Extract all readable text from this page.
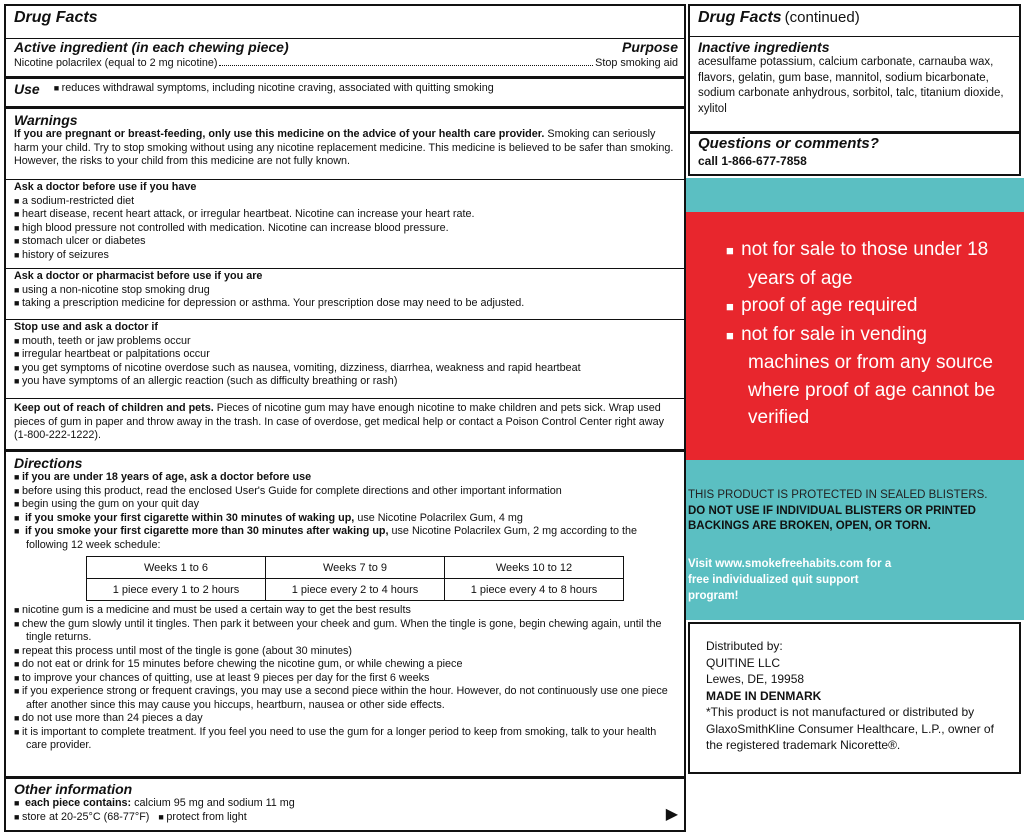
Drug Facts
Active ingredient (in each chewing piece)	Purpose
Nicotine polacrilex (equal to 2 mg nicotine)	Stop smoking aid
Use	■ reduces withdrawal symptoms, including nicotine craving, associated with quitting smoking
Warnings

If you are pregnant or breast-feeding, only use this medicine on the advice of your health care provider. Smoking can seriously harm your child. Try to stop smoking without using any nicotine replacement medicine. This medicine is believed to be safer than smoking. However, the risks to your child from this medicine are not fully known.

Ask a doctor before use if you have

■ a sodium-restricted diet

■ heart disease, recent heart attack, or irregular heartbeat. Nicotine can increase your heart rate.

■ high blood pressure not controlled with medication. Nicotine can increase blood pressure.

■ stomach ulcer or diabetes

■ history of seizures

Ask a doctor or pharmacist before use if you are

■ using a non-nicotine stop smoking drug

■ taking a prescription medicine for depression or asthma. Your prescription dose may need to be adjusted.

Stop use and ask a doctor if

■ mouth, teeth or jaw problems occur

■ irregular heartbeat or palpitations occur

■ you get symptoms of nicotine overdose such as nausea, vomiting, dizziness, diarrhea, weakness and rapid heartbeat

■ you have symptoms of an allergic reaction (such as difficulty breathing or rash)

Keep out of reach of children and pets. Pieces of nicotine gum may have enough nicotine to make children and pets sick. Wrap used pieces of gum in paper and throw away in the trash. In case of overdose, get medical help or contact a Poison Control Center right away (1-800-222-1222).

Directions

■ if you are under 18 years of age, ask a doctor before use

■ before using this product, read the enclosed User's Guide for complete directions and other important information

■ begin using the gum on your quit day

■ if you smoke your first cigarette within 30 minutes of waking up, use Nicotine Polacrilex Gum, 4 mg

■ if you smoke your first cigarette more than 30 minutes after waking up, use Nicotine Polacrilex Gum, 2 mg according to the following 12 week schedule:

Weeks 1 to 6	Weeks 7 to 9	Weeks 10 to 12
1 piece every 1 to 2 hours	1 piece every 2 to 4 hours	1 piece every 4 to 8 hours

■ nicotine gum is a medicine and must be used a certain way to get the best results

■ chew the gum slowly until it tingles. Then park it between your cheek and gum. When the tingle is gone, begin chewing again, until the tingle returns.

■ repeat this process until most of the tingle is gone (about 30 minutes)

■ do not eat or drink for 15 minutes before chewing the nicotine gum, or while chewing a piece

■ to improve your chances of quitting, use at least 9 pieces per day for the first 6 weeks

■ if you experience strong or frequent cravings, you may use a second piece within the hour. However, do not continuously use one piece after another since this may cause you hiccups, heartburn, nausea or other side effects.

■ do not use more than 24 pieces a day

■ it is important to complete treatment. If you feel you need to use the gum for a longer period to keep from smoking, talk to your health care provider.

Other information

■ each piece contains: calcium 95 mg and sodium 11 mg

■ store at 20-25°C (68-77°F) ■ protect from light	▶
Drug Facts (continued)
Inactive ingredients

acesulfame potassium, calcium carbonate, carnauba wax, flavors, gelatin, gum base, mannitol, sodium bicarbonate, sodium carbonate anhydrous, sorbitol, talc, titanium dioxide, xylitol

Questions or comments?

call 1-866-677-7858

■  not for sale to those under 18 years of age

■  proof of age required

■  not for sale in vending machines or from any source where proof of age cannot be verified

THIS PRODUCT IS PROTECTED IN SEALED BLISTERS.

DO NOT USE IF INDIVIDUAL BLISTERS OR PRINTED BACKINGS ARE BROKEN, OPEN, OR TORN.

Visit www.smokefreehabits.com for a free individualized quit support program!

Distributed by:

QUITINE LLC

Lewes, DE, 19958

MADE IN DENMARK

*This product is not manufactured or distributed by GlaxoSmithKline Consumer Healthcare, L.P., owner of the registered trademark Nicorette®.
